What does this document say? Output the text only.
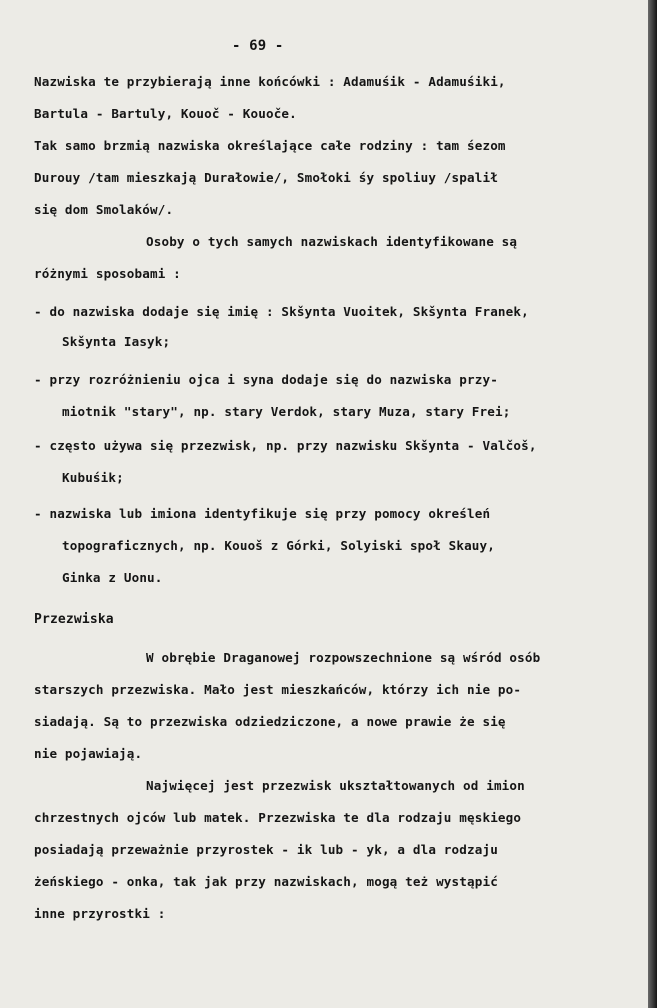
- 69 -
Nazwiska te przybierają inne końcówki : Adamuśik - Adamuśiki,
Bartula - Bartuly, Kouoč - Kouoče.
Tak samo brzmią nazwiska określające całe rodziny : tam śezom
Durouy /tam mieszkają Durałowie/, Smołoki śy spoliuy /spalił
się dom Smolaków/.
Osoby o tych samych nazwiskach identyfikowane są
różnymi sposobami :
- do nazwiska dodaje się imię : Skšynta Vuoitek, Skšynta Franek,
Skšynta Iasyk;
- przy rozróżnieniu ojca i syna dodaje się do nazwiska przy-
miotnik "stary", np. stary Verdok, stary Muza, stary Frei;
- często używa się przezwisk, np. przy nazwisku Skšynta - Valčoš,
Kubuśik;
- nazwiska lub imiona identyfikuje się przy pomocy określeń
topograficznych, np. Kouoš z Górki, Solyiski społ Skauy,
Ginka z Uonu.
Przezwiska
W obrębie Draganowej rozpowszechnione są wśród osób
starszych przezwiska. Mało jest mieszkańców, którzy ich nie po-
siadają. Są to przezwiska odziedziczone, a nowe prawie że się
nie pojawiają.
Najwięcej jest przezwisk ukształtowanych od imion
chrzestnych ojców lub matek. Przezwiska te dla rodzaju męskiego
posiadają przeważnie przyrostek - ik lub - yk, a dla rodzaju
żeńskiego - onka, tak jak przy nazwiskach, mogą też wystąpić
inne przyrostki :
